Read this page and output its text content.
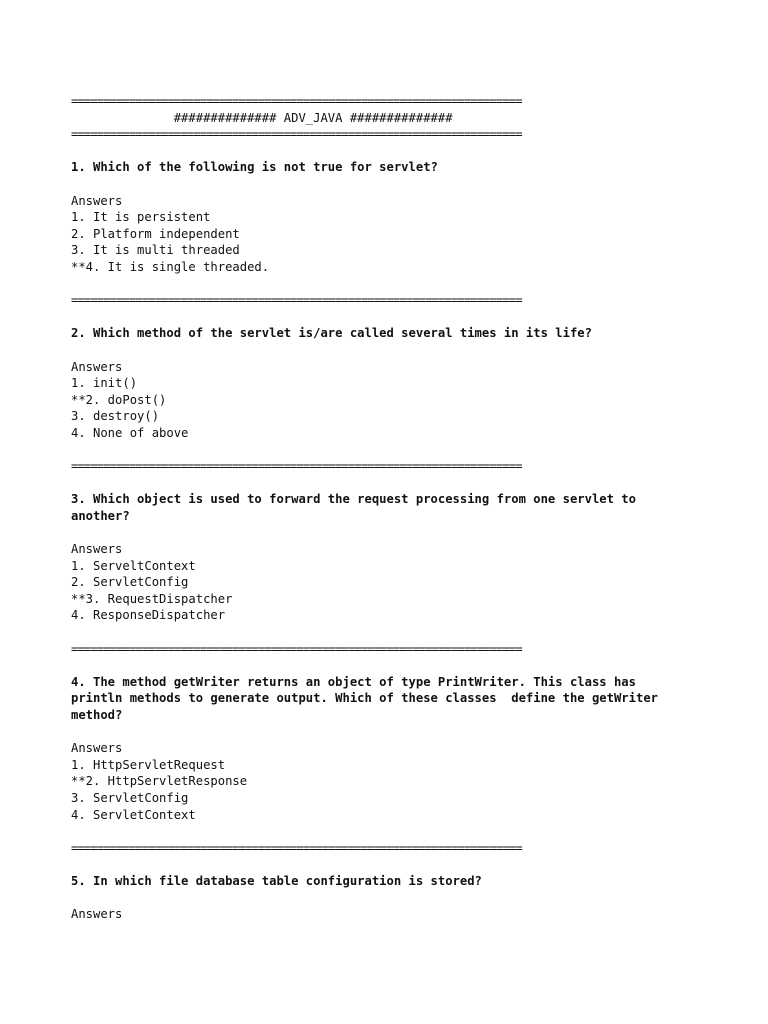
======================================================================
############## ADV_JAVA ##############
======================================================================
1. Which of the following is not true for servlet?
Answers
1. It is persistent
2. Platform independent
3. It is multi threaded
**4. It is single threaded.
======================================================================
2. Which method of the servlet is/are called several times in its life?
Answers
1. init()
**2. doPost()
3. destroy()
4. None of above
======================================================================
3. Which object is used to forward the request processing from one servlet to
another?
Answers
1. ServeltContext
2. ServletConfig
**3. RequestDispatcher
4. ResponseDispatcher
======================================================================
4. The method getWriter returns an object of type PrintWriter. This class has
println methods to generate output. Which of these classes  define the getWriter
method?
Answers
1. HttpServletRequest
**2. HttpServletResponse
3. ServletConfig
4. ServletContext
======================================================================
5. In which file database table configuration is stored?
Answers
